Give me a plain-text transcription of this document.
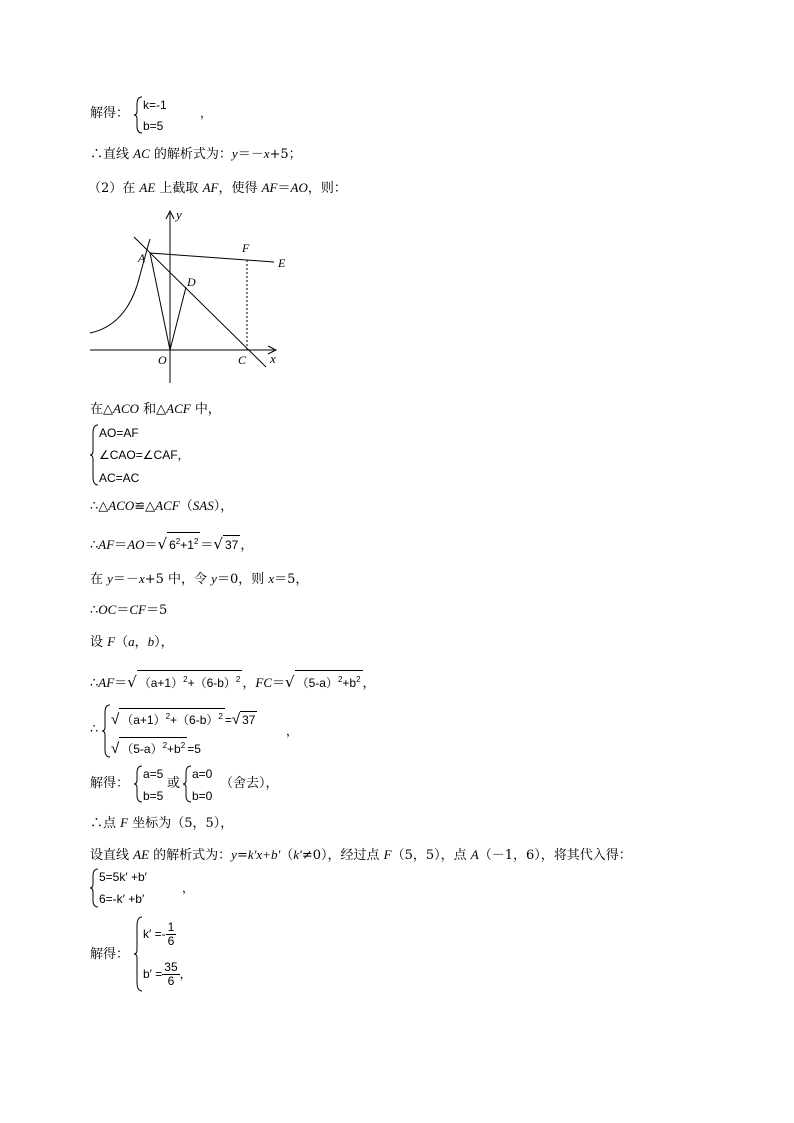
解得：
k=-1
b=5
，
∴直线 AC 的解析式为：y＝－x+5；
（2）在 AE 上截取 AF，使得 AF＝AO，则：
y
x
A
F
E
D
O	C
在△ACO 和△ACF 中，
AO=AF
∠CAO=∠CAF，
AC=AC
∴△ACO≌△ACF（SAS），
∴AF＝AO＝√ $6^2+1^2$ ＝√ 37 ，
在 y＝－x+5 中，令 y＝0，则 x＝5，
∴OC＝CF＝5
设 F（a，b），
∴AF＝√ $(a+1)^2+(6-b)^2$ ，FC＝√ $(5-a)^2+b^2$ ，
∴
√ $(a+1)^2+(6-b)^2$ =√ 37
√ $(5-a)^2+b^2 =5$
，
解得：
a=5
b=5
或
a=0
b=0
（舍去），
∴点 F 坐标为（5，5），
设直线 AE 的解析式为：y=k'x+b'（k'≠0），经过点 F（5，5），点 A（－1，6），将其代入得：
5=5k′ +b′
6=-k′ +b′
，
解得：
$k' =- \frac{1}{6}$
$b' = \frac{35}{6}$ ，
